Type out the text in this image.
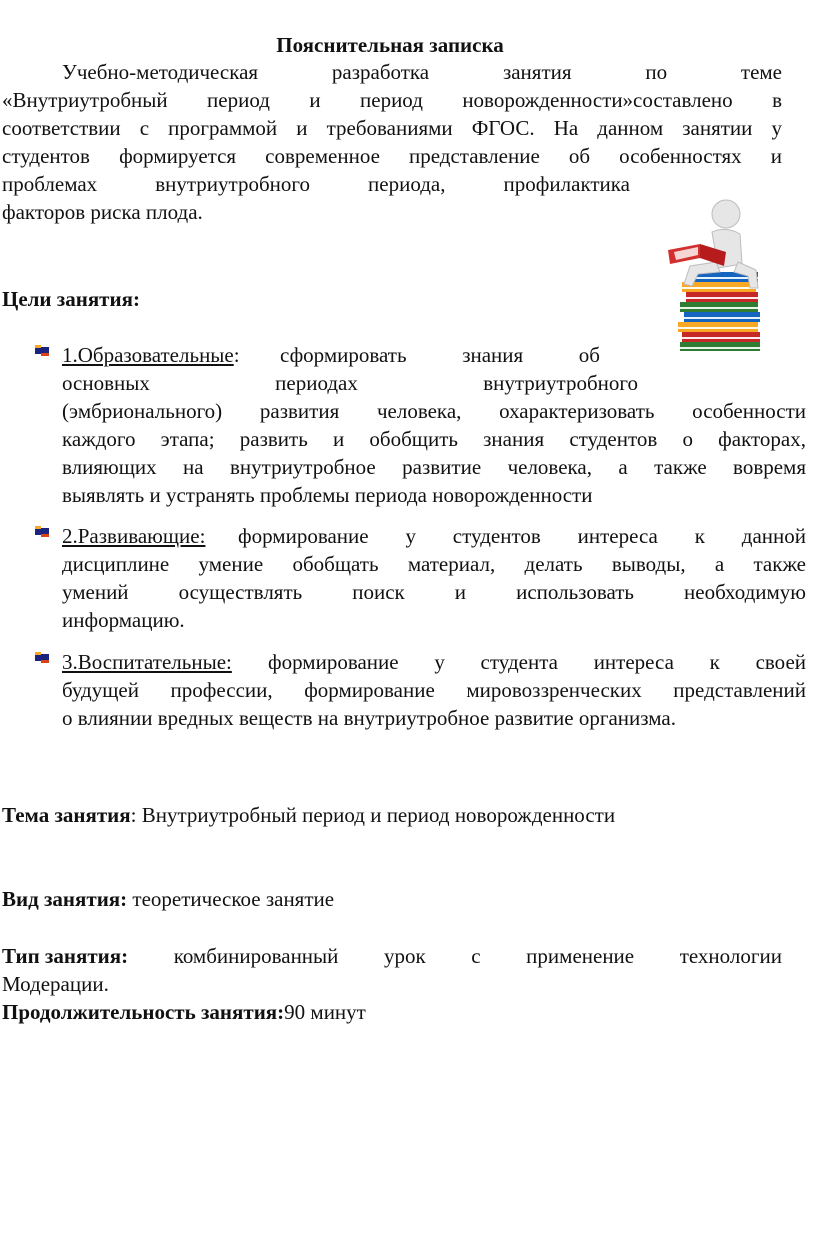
Пояснительная записка
Учебно-методическая разработка занятия по теме
«Внутриутробный период и период новорожденности»составлено в
соответствии с программой и требованиями ФГОС. На данном занятии у
студентов формируется современное представление об особенностях и
проблемах внутриутробного периода, профилактика
факторов риска плода.
Цели занятия:
1.Образовательные:	сформировать знания об
основных периодах внутриутробного
(эмбрионального) развития человека, охарактеризовать особенности
каждого этапа; развить и обобщить знания студентов о факторах,
влияющих на внутриутробное развитие человека, а также вовремя
выявлять и устранять проблемы периода новорожденности
2.Развивающие:	формирование у студентов интереса к данной
дисциплине умение обобщать материал, делать выводы, а также
умений осуществлять поиск и использовать необходимую
информацию.
3.Воспитательные:	формирование у студента интереса к своей
будущей профессии, формирование мировоззренческих представлений
о влиянии вредных веществ на внутриутробное развитие организма.
Тема занятия: Внутриутробный период и период новорожденности
Вид занятия: теоретическое занятие
Тип занятия: комбинированный урок с применение технологии
Модерации.
Продолжительность занятия:90 минут
